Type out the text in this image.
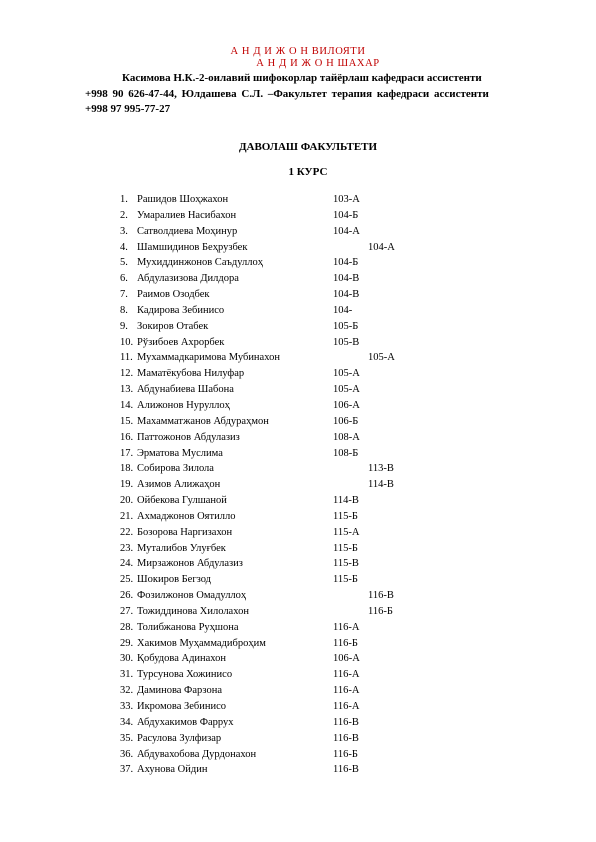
А Н Д И Ж О Н ВИЛОЯТИ
А Н Д И Ж О Н ШАХАР

Касимова Н.К.-2-оилавий шифокорлар тайёрлаш кафедраси ассистенти

+998 90 626-47-44, Юлдашева С.Л. –Факультет терапия кафедраси ассистенти

+998 97 995-77-27

ДАВОЛАШ ФАКУЛЬТЕТИ
1 КУРС
1. Рашидов Шоҳжахон	103-А
2. Умаралиев Насибахон	104-Б
3. Сатволдиева Моҳинур	104-А
4. Шамшидинов Беҳрузбек	104-А
5. Мухиддинжонов Саъдуллоҳ	104-Б
6. Абдулазизова Дилдора	104-В
7. Раимов Озодбек	104-В
8. Кадирова Зебинисо	104-
9. Зокиров Отабек	105-Б
10. Рўзибоев Ахрорбек	105-В
11. Мухаммадкаримова Мубинахон	105-А
12. Маматёкубова Нилуфар	105-А
13. Абдунабиева Шабона	105-А
14. Алижонов Нуруллоҳ	106-А
15. Махамматжанов Абдураҳмон	106-Б
16. Паттожонов Абдулазиз	108-А
17. Эрматова Муслима	108-Б
18. Собирова Зилола	113-В
19. Азимов Алижаҳон	114-В
20. Ойбекова Гулшаной	114-В
21. Ахмаджонов Оятилло	115-Б
22. Бозорова Наргизахон	115-А
23. Муталибов Улуғбек	115-Б
24. Мирзажонов Абдулазиз	115-В
25. Шокиров Бегзод	115-Б
26. Фозилжонов Омадуллоҳ	116-В
27. Тожиддинова Хилолахон	116-Б
28. Толибжанова Руҳшона	116-А
29. Хакимов Муҳаммадиброҳим	116-Б
30. Қобудова Адинахон	106-А
31. Турсунова Хожинисо	116-А
32. Даминова Фарзона	116-А
33. Икромова Зебинисо	116-А
34. Абдухакимов Фаррух	116-В
35. Расулова Зулфизар	116-В
36. Абдувахобова Дурдонахон	116-Б
37. Ахунова Ойдин	116-В
